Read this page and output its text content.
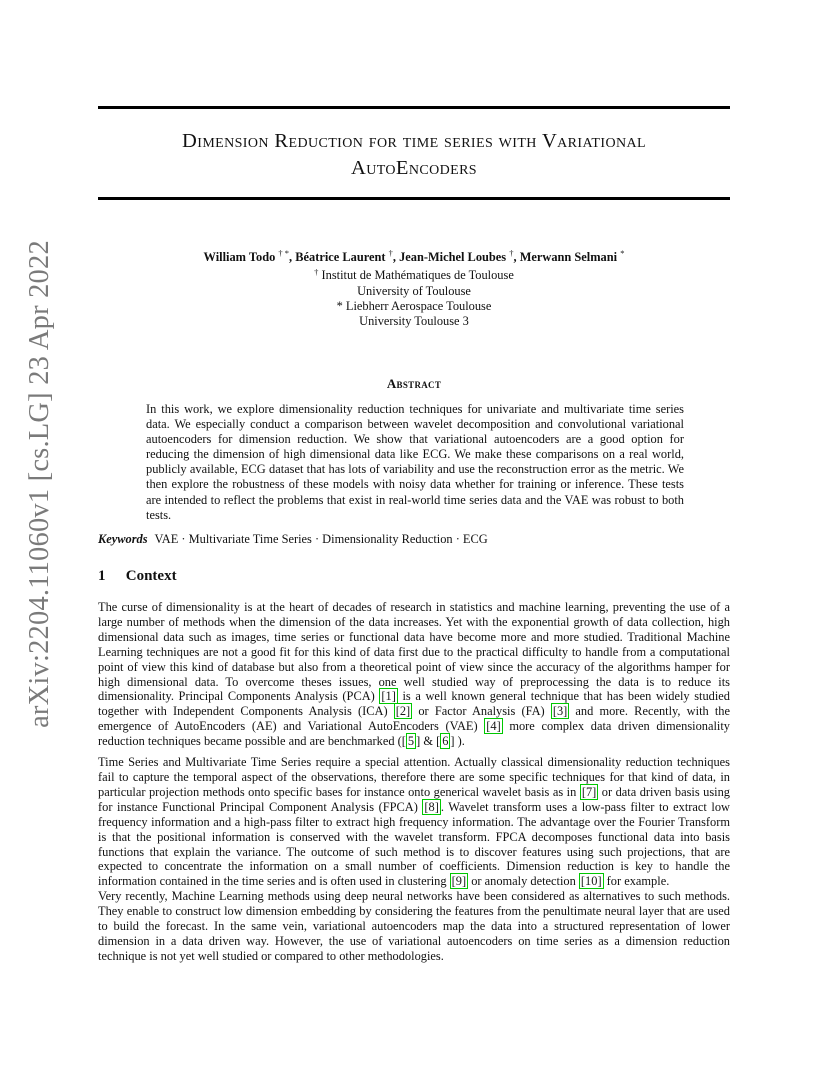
arXiv:2204.11060v1 [cs.LG] 23 Apr 2022
Dimension Reduction for time series with Variational
AutoEncoders
William Todo † *, Béatrice Laurent †, Jean-Michel Loubes †, Merwann Selmani *
† Institut de Mathématiques de Toulouse
University of Toulouse
* Liebherr Aerospace Toulouse
University Toulouse 3
Abstract
In this work, we explore dimensionality reduction techniques for univariate and multivariate time series data. We especially conduct a comparison between wavelet decomposition and convolutional variational autoencoders for dimension reduction. We show that variational autoencoders are a good option for reducing the dimension of high dimensional data like ECG. We make these comparisons on a real world, publicly available, ECG dataset that has lots of variability and use the reconstruction error as the metric. We then explore the robustness of these models with noisy data whether for training or inference. These tests are intended to reflect the problems that exist in real-world time series data and the VAE was robust to both tests.
Keywords VAE · Multivariate Time Series · Dimensionality Reduction · ECG
1 Context

The curse of dimensionality is at the heart of decades of research in statistics and machine learning, preventing the use of a large number of methods when the dimension of the data increases. Yet with the exponential growth of data collection, high dimensional data such as images, time series or functional data have become more and more studied. Traditional Machine Learning techniques are not a good fit for this kind of data first due to the practical difficulty to handle from a computational point of view this kind of database but also from a theoretical point of view since the accuracy of the algorithms hamper for high dimensional data. To overcome theses issues, one well studied way of preprocessing the data is to reduce its dimensionality. Principal Components Analysis (PCA) [1] is a well known general technique that has been widely studied together with Independent Components Analysis (ICA) [2] or Factor Analysis (FA) [3] and more. Recently, with the emergence of AutoEncoders (AE) and Variational AutoEncoders (VAE) [4] more complex data driven dimensionality reduction techniques became possible and are benchmarked ([ 5 ] & [ 6 ] ).

Time Series and Multivariate Time Series require a special attention. Actually classical dimensionality reduction techniques fail to capture the temporal aspect of the observations, therefore there are some specific techniques for that kind of data, in particular projection methods onto specific bases for instance onto generical wavelet basis as in [7] or data driven basis using for instance Functional Principal Component Analysis (FPCA) [8] . Wavelet transform uses a low-pass filter to extract low frequency information and a high-pass filter to extract high frequency information. The advantage over the Fourier Transform is that the positional information is conserved with the wavelet transform. FPCA decomposes functional data into basis functions that explain the variance. The outcome of such method is to discover features using such projections, that are expected to concentrate the information on a small number of coefficients. Dimension reduction is key to handle the information contained in the time series and is often used in clustering [9] or anomaly detection [10] for example.

Very recently, Machine Learning methods using deep neural networks have been considered as alternatives to such methods. They enable to construct low dimension embedding by considering the features from the penultimate neural layer that are used to build the forecast. In the same vein, variational autoencoders map the data into a structured representation of lower dimension in a data driven way. However, the use of variational autoencoders on time series as a dimension reduction technique is not yet well studied or compared to other methodologies.
